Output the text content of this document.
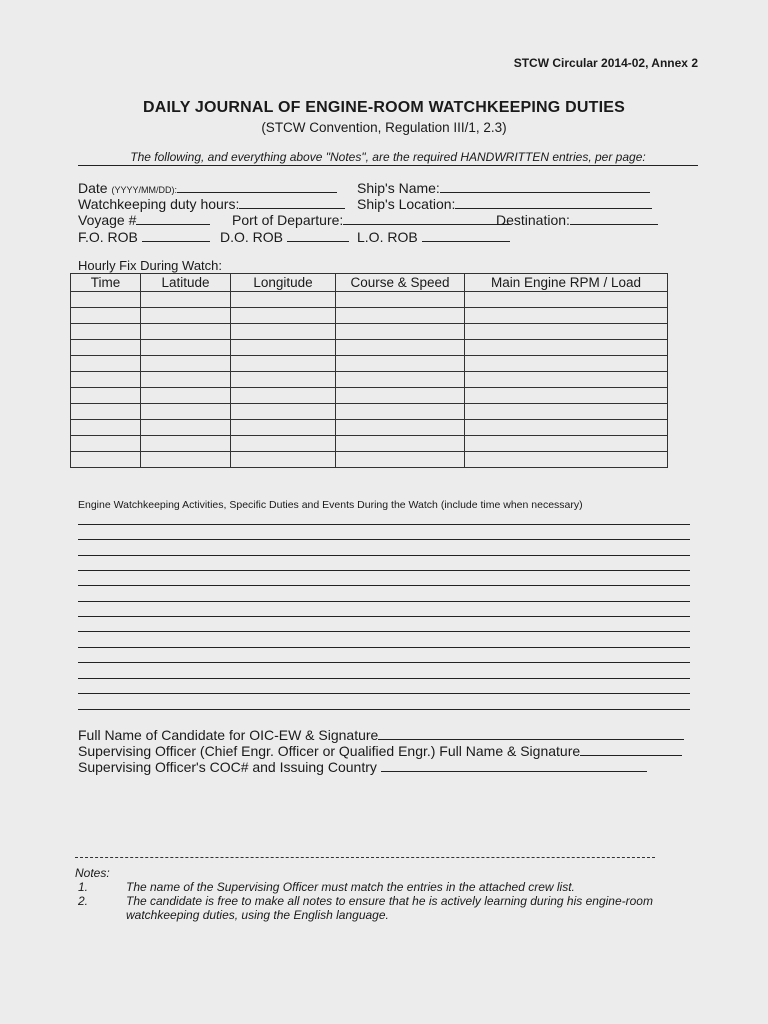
STCW Circular 2014-02, Annex 2
DAILY JOURNAL OF ENGINE-ROOM WATCHKEEPING DUTIES
(STCW Convention, Regulation III/1, 2.3)
The following, and everything above "Notes", are the required HANDWRITTEN entries, per page:
Date (YYYY/MM/DD):	Ship's Name:
Watchkeeping duty hours:	Ship's Location:
Voyage #	Port of Departure:	Destination:
F.O. ROB	D.O. ROB	L.O. ROB
Hourly Fix During Watch:
Time	Latitude	Longitude	Course & Speed	Main Engine RPM / Load

Engine Watchkeeping Activities, Specific Duties and Events During the Watch (include time when necessary)
Full Name of Candidate for OIC-EW & Signature
Supervising Officer (Chief Engr. Officer or Qualified Engr.) Full Name & Signature
Supervising Officer's COC# and Issuing Country
Notes:
1.	The name of the Supervising Officer must match the entries in the attached crew list.
2.	The candidate is free to make all notes to ensure that he is actively learning during his engine-room watchkeeping duties, using the English language.
